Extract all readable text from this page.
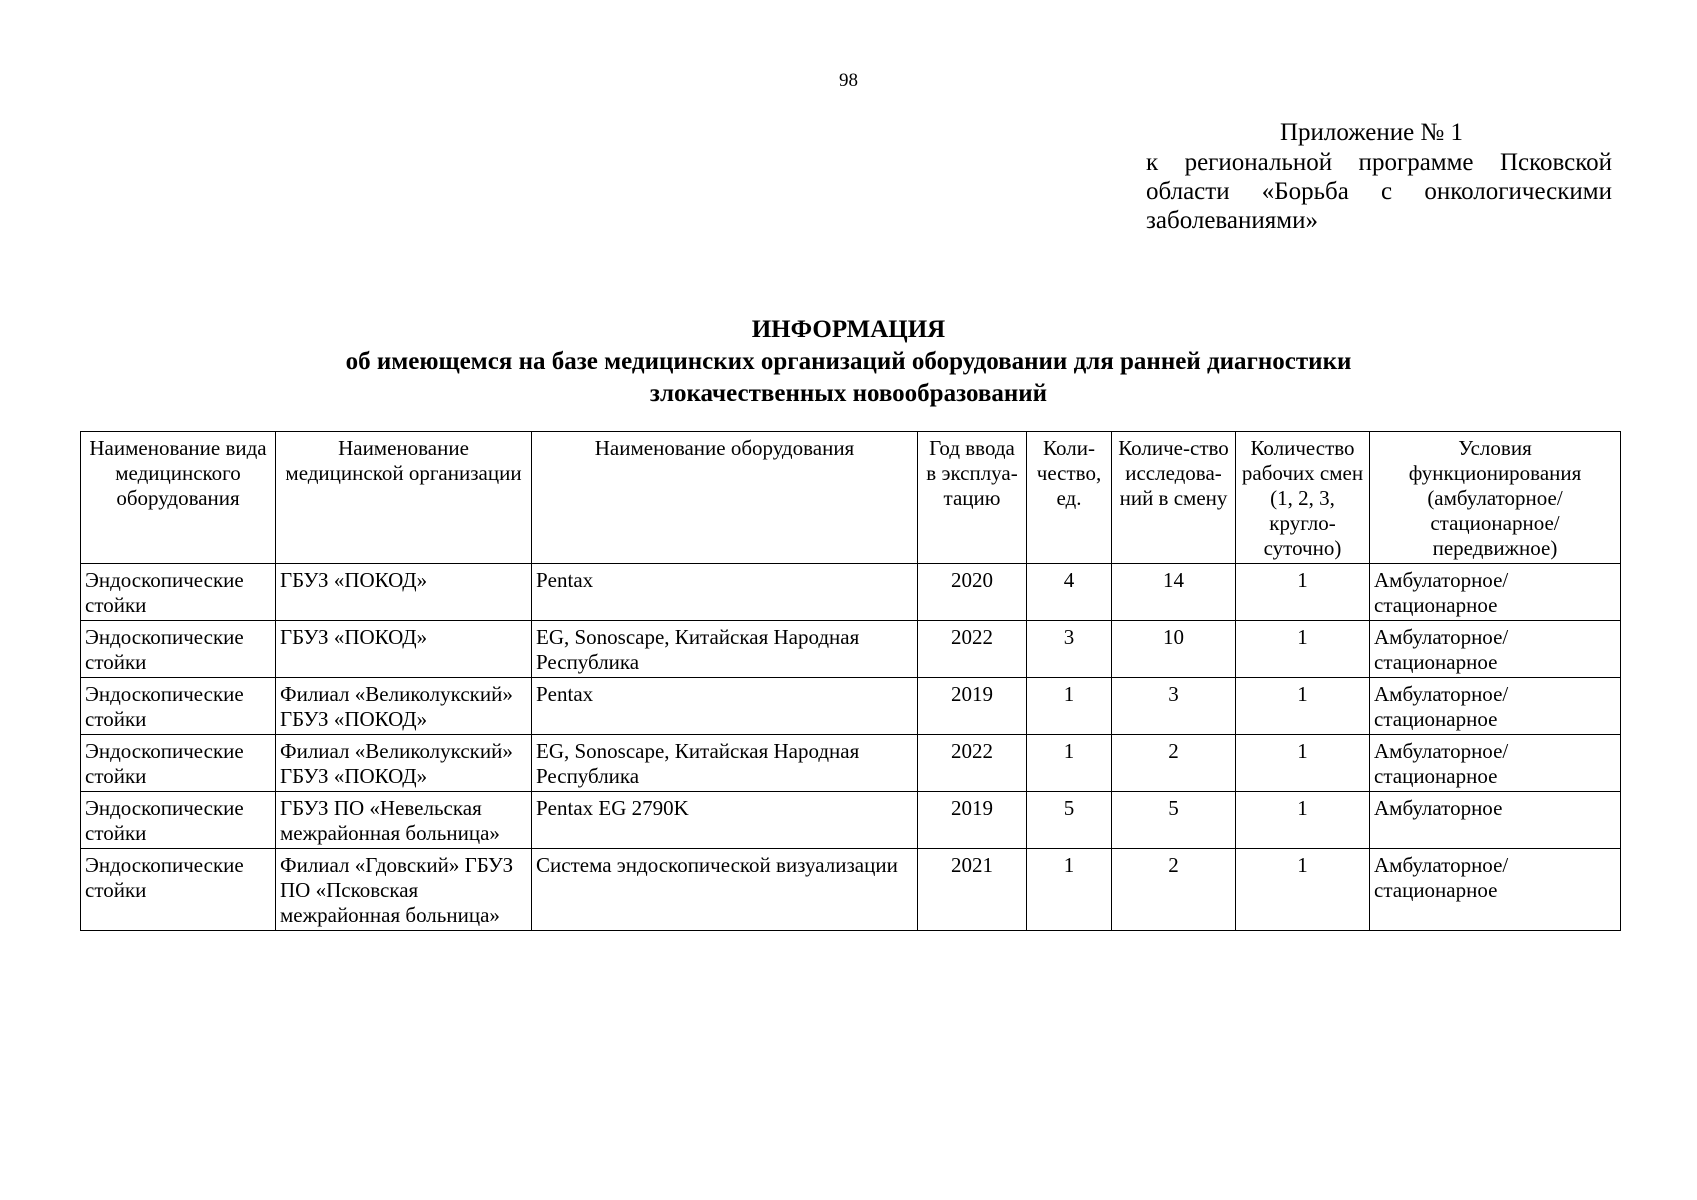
98
Приложение № 1
к региональной программе Псковской области «Борьба с онкологическими заболеваниями»
ИНФОРМАЦИЯ
об имеющемся на базе медицинских организаций оборудовании для ранней диагностики злокачественных новообразований
Наименование вида медицинского оборудования	Наименование медицинской организации	Наименование оборудования	Год ввода в эксплуа-тацию	Коли-чество, ед.	Количе-ство исследова-ний в смену	Количество рабочих смен (1, 2, 3, кругло-суточно)	Условия функционирования (амбулаторное/ стационарное/ передвижное)
Эндоскопические стойки	ГБУЗ «ПОКОД»	Pentax	2020	4	14	1	Амбулаторное/ стационарное
Эндоскопические стойки	ГБУЗ «ПОКОД»	EG, Sonoscape, Китайская Народная Республика	2022	3	10	1	Амбулаторное/ стационарное
Эндоскопические стойки	Филиал «Великолукский» ГБУЗ «ПОКОД»	Pentax	2019	1	3	1	Амбулаторное/ стационарное
Эндоскопические стойки	Филиал «Великолукский» ГБУЗ «ПОКОД»	EG, Sonoscape, Китайская Народная Республика	2022	1	2	1	Амбулаторное/ стационарное
Эндоскопические стойки	ГБУЗ ПО «Невельская межрайонная больница»	Pentax EG 2790K	2019	5	5	1	Амбулаторное
Эндоскопические стойки	Филиал «Гдовский» ГБУЗ ПО «Псковская межрайонная больница»	Система эндоскопической визуализации	2021	1	2	1	Амбулаторное/ стационарное
